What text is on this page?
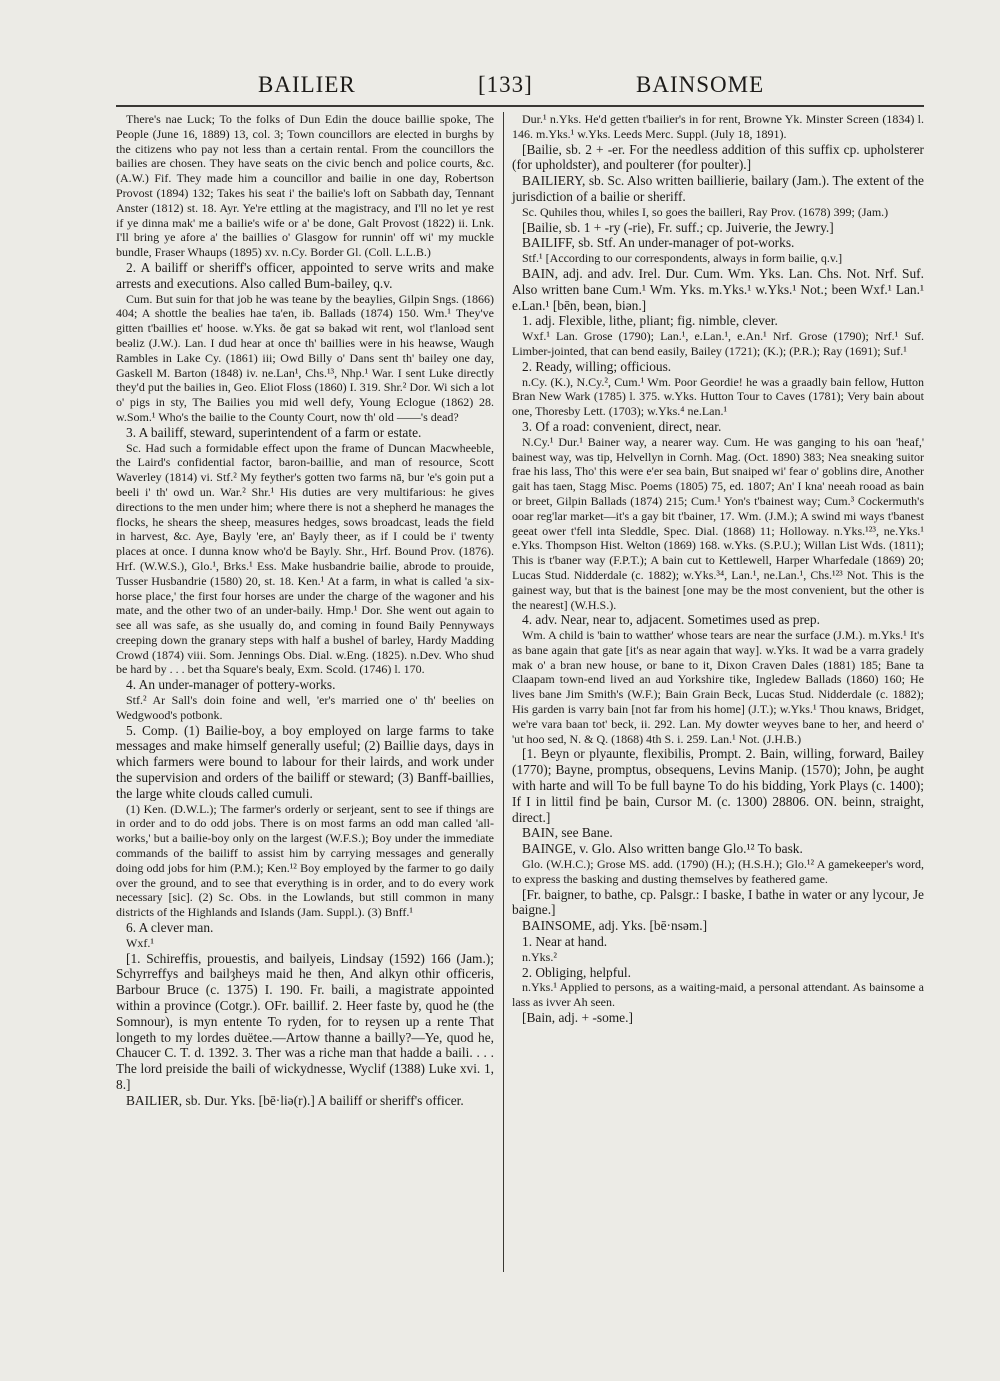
BAILIER	[133]	BAINSOME

There's nae Luck; To the folks of Dun Edin the douce baillie spoke, The People (June 16, 1889) 13, col. 3; Town councillors are elected in burghs by the citizens who pay not less than a certain rental. From the councillors the bailies are chosen. They have seats on the civic bench and police courts, &c. (A.W.) Fif. They made him a councillor and bailie in one day, Robertson Provost (1894) 132; Takes his seat i' the bailie's loft on Sabbath day, Tennant Anster (1812) st. 18. Ayr. Ye're ettling at the magistracy, and I'll no let ye rest if ye dinna mak' me a bailie's wife or a' be done, Galt Provost (1822) ii. Lnk. I'll bring ye afore a' the baillies o' Glasgow for runnin' off wi' my muckle bundle, Fraser Whaups (1895) xv. n.Cy. Border Gl. (Coll. L.L.B.)

2. A bailiff or sheriff's officer, appointed to serve writs and make arrests and executions. Also called Bum-bailey, q.v.

Cum. But suin for that job he was teane by the beaylies, Gilpin Sngs. (1866) 404; A shottle the bealies hae ta'en, ib. Ballads (1874) 150. Wm.¹ They've gitten t'baillies et' hoose. w.Yks. ðe gat sə bakəd wit rent, wol t'lanloəd sent beəliz (J.W.). Lan. I dud hear at once th' baillies were in his heawse, Waugh Rambles in Lake Cy. (1861) iii; Owd Billy o' Dans sent th' bailey one day, Gaskell M. Barton (1848) iv. ne.Lan¹, Chs.¹³, Nhp.¹ War. I sent Luke directly they'd put the bailies in, Geo. Eliot Floss (1860) I. 319. Shr.² Dor. Wi sich a lot o' pigs in sty, The Bailies you mid well defy, Young Eclogue (1862) 28. w.Som.¹ Who's the bailie to the County Court, now th' old ——'s dead?

3. A bailiff, steward, superintendent of a farm or estate.

Sc. Had such a formidable effect upon the frame of Duncan Macwheeble, the Laird's confidential factor, baron-baillie, and man of resource, Scott Waverley (1814) vi. Stf.² My feyther's gotten two farms nā, bur 'e's goin put a beeli i' th' owd un. War.² Shr.¹ His duties are very multifarious: he gives directions to the men under him; where there is not a shepherd he manages the flocks, he shears the sheep, measures hedges, sows broadcast, leads the field in harvest, &c. Aye, Bayly 'ere, an' Bayly theer, as if I could be i' twenty places at once. I dunna know who'd be Bayly. Shr., Hrf. Bound Prov. (1876). Hrf. (W.W.S.), Glo.¹, Brks.¹ Ess. Make husbandrie bailie, abrode to prouide, Tusser Husbandrie (1580) 20, st. 18. Ken.¹ At a farm, in what is called 'a six-horse place,' the first four horses are under the charge of the wagoner and his mate, and the other two of an under-baily. Hmp.¹ Dor. She went out again to see all was safe, as she usually do, and coming in found Baily Pennyways creeping down the granary steps with half a bushel of barley, Hardy Madding Crowd (1874) viii. Som. Jennings Obs. Dial. w.Eng. (1825). n.Dev. Who shud be hard by . . . bet tha Square's bealy, Exm. Scold. (1746) l. 170.

4. An under-manager of pottery-works.

Stf.² Ar Sall's doin foine and well, 'er's married one o' th' beelies on Wedgwood's potbonk.

5. Comp. (1) Bailie-boy, a boy employed on large farms to take messages and make himself generally useful; (2) Baillie days, days in which farmers were bound to labour for their lairds, and work under the supervision and orders of the bailiff or steward; (3) Banff-baillies, the large white clouds called cumuli.

(1) Ken. (D.W.L.); The farmer's orderly or serjeant, sent to see if things are in order and to do odd jobs. There is on most farms an odd man called 'all-works,' but a bailie-boy only on the largest (W.F.S.); Boy under the immediate commands of the bailiff to assist him by carrying messages and generally doing odd jobs for him (P.M.); Ken.¹² Boy employed by the farmer to go daily over the ground, and to see that everything is in order, and to do every work necessary [sic]. (2) Sc. Obs. in the Lowlands, but still common in many districts of the Highlands and Islands (Jam. Suppl.). (3) Bnff.¹

6. A clever man.

Wxf.¹

[1. Schireffis, prouestis, and bailyeis, Lindsay (1592) 166 (Jam.); Schyrreffys and bailȝheys maid he then, And alkyn othir officeris, Barbour Bruce (c. 1375) I. 190. Fr. baili, a magistrate appointed within a province (Cotgr.). OFr. baillif. 2. Heer faste by, quod he (the Somnour), is myn entente To ryden, for to reysen up a rente That longeth to my lordes duëtee.—Artow thanne a bailly?—Ye, quod he, Chaucer C. T. d. 1392. 3. Ther was a riche man that hadde a baili. . . . The lord preiside the baili of wickydnesse, Wyclif (1388) Luke xvi. 1, 8.]

BAILIER, sb. Dur. Yks. [bē·liə(r).] A bailiff or sheriff's officer.

Dur.¹ n.Yks. He'd getten t'bailier's in for rent, Browne Yk. Minster Screen (1834) l. 146. m.Yks.¹ w.Yks. Leeds Merc. Suppl. (July 18, 1891).

[Bailie, sb. 2 + -er. For the needless addition of this suffix cp. upholsterer (for upholdster), and poulterer (for poulter).]

BAILIERY, sb. Sc. Also written baillierie, bailary (Jam.). The extent of the jurisdiction of a bailie or sheriff.

Sc. Quhiles thou, whiles I, so goes the bailleri, Ray Prov. (1678) 399; (Jam.)

[Bailie, sb. 1 + -ry (-rie), Fr. suff.; cp. Juiverie, the Jewry.]

BAILIFF, sb. Stf. An under-manager of pot-works.

Stf.¹ [According to our correspondents, always in form bailie, q.v.]

BAIN, adj. and adv. Irel. Dur. Cum. Wm. Yks. Lan. Chs. Not. Nrf. Suf. Also written bane Cum.¹ Wm. Yks. m.Yks.¹ w.Yks.¹ Not.; been Wxf.¹ Lan.¹ e.Lan.¹ [bēn, beən, biən.]

1. adj. Flexible, lithe, pliant; fig. nimble, clever.

Wxf.¹ Lan. Grose (1790); Lan.¹, e.Lan.¹, e.An.¹ Nrf. Grose (1790); Nrf.¹ Suf. Limber-jointed, that can bend easily, Bailey (1721); (K.); (P.R.); Ray (1691); Suf.¹

2. Ready, willing; officious.

n.Cy. (K.), N.Cy.², Cum.¹ Wm. Poor Geordie! he was a graadly bain fellow, Hutton Bran New Wark (1785) l. 375. w.Yks. Hutton Tour to Caves (1781); Very bain about one, Thoresby Lett. (1703); w.Yks.⁴ ne.Lan.¹

3. Of a road: convenient, direct, near.

N.Cy.¹ Dur.¹ Bainer way, a nearer way. Cum. He was ganging to his oan 'heaf,' bainest way, was tip, Helvellyn in Cornh. Mag. (Oct. 1890) 383; Nea sneaking suitor frae his lass, Tho' this were e'er sea bain, But snaiped wi' fear o' goblins dire, Another gait has taen, Stagg Misc. Poems (1805) 75, ed. 1807; An' I kna' neeah rooad as bain or breet, Gilpin Ballads (1874) 215; Cum.¹ Yon's t'bainest way; Cum.³ Cockermuth's ooar reg'lar market—it's a gay bit t'bainer, 17. Wm. (J.M.); A swind mi ways t'banest geeat ower t'fell inta Sleddle, Spec. Dial. (1868) 11; Holloway. n.Yks.¹²³, ne.Yks.¹ e.Yks. Thompson Hist. Welton (1869) 168. w.Yks. (S.P.U.); Willan List Wds. (1811); This is t'baner way (F.P.T.); A bain cut to Kettlewell, Harper Wharfedale (1869) 20; Lucas Stud. Nidderdale (c. 1882); w.Yks.³⁴, Lan.¹, ne.Lan.¹, Chs.¹²³ Not. This is the gainest way, but that is the bainest [one may be the most convenient, but the other is the nearest] (W.H.S.).

4. adv. Near, near to, adjacent. Sometimes used as prep.

Wm. A child is 'bain to watther' whose tears are near the surface (J.M.). m.Yks.¹ It's as bane again that gate [it's as near again that way]. w.Yks. It wad be a varra gradely mak o' a bran new house, or bane to it, Dixon Craven Dales (1881) 185; Bane ta Claapam town-end lived an aud Yorkshire tike, Ingledew Ballads (1860) 160; He lives bane Jim Smith's (W.F.); Bain Grain Beck, Lucas Stud. Nidderdale (c. 1882); His garden is varry bain [not far from his home] (J.T.); w.Yks.¹ Thou knaws, Bridget, we're vara baan tot' beck, ii. 292. Lan. My dowter weyves bane to her, and heerd o' 'ut hoo sed, N. & Q. (1868) 4th S. i. 259. Lan.¹ Not. (J.H.B.)

[1. Beyn or plyaunte, flexibilis, Prompt. 2. Bain, willing, forward, Bailey (1770); Bayne, promptus, obsequens, Levins Manip. (1570); John, þe aught with harte and will To be full bayne To do his bidding, York Plays (c. 1400); If I in littil find þe bain, Cursor M. (c. 1300) 28806. ON. beinn, straight, direct.]

BAIN, see Bane.

BAINGE, v. Glo. Also written bange Glo.¹² To bask.

Glo. (W.H.C.); Grose MS. add. (1790) (H.); (H.S.H.); Glo.¹² A gamekeeper's word, to express the basking and dusting themselves by feathered game.

[Fr. baigner, to bathe, cp. Palsgr.: I baske, I bathe in water or any lycour, Je baigne.]

BAINSOME, adj. Yks. [bē·nsəm.]

1. Near at hand.

n.Yks.²

2. Obliging, helpful.

n.Yks.¹ Applied to persons, as a waiting-maid, a personal attendant. As bainsome a lass as ivver Ah seen.

[Bain, adj. + -some.]
